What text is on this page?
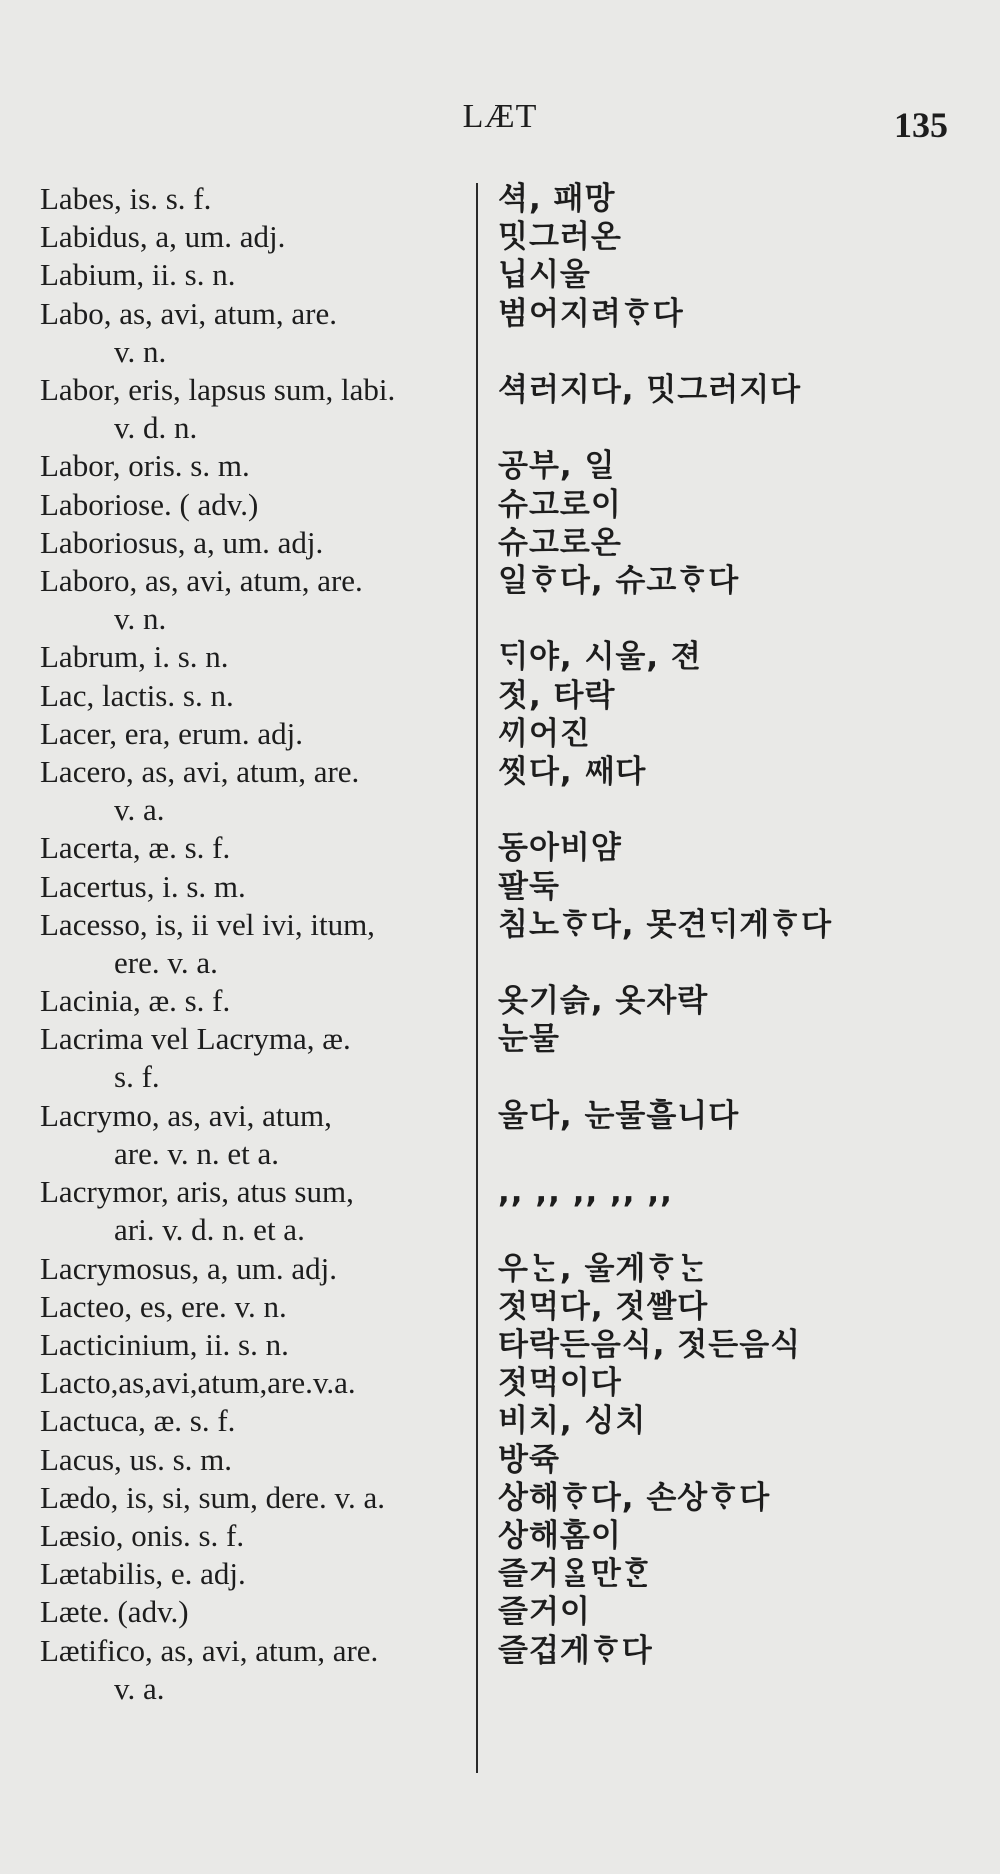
LÆT	135
Labes, is. s. f.
Labidus, a, um. adj.
Labium, ii. s. n.
Labo, as, avi, atum, are.
v. n.
Labor, eris, lapsus sum, labi.
v. d. n.
Labor, oris. s. m.
Laboriose. ( adv.)
Laboriosus, a, um. adj.
Laboro, as, avi, atum, are.
v. n.
Labrum, i. s. n.
Lac, lactis. s. n.
Lacer, era, erum. adj.
Lacero, as, avi, atum, are.
v. a.
Lacerta, æ. s. f.
Lacertus, i. s. m.
Lacesso, is, ii vel ivi, itum,
ere. v. a.
Lacinia, æ. s. f.
Lacrima vel Lacryma, æ.
s. f.
Lacrymo, as, avi, atum,
are. v. n. et a.
Lacrymor, aris, atus sum,
ari. v. d. n. et a.
Lacrymosus, a, um. adj.
Lacteo, es, ere. v. n.
Lacticinium, ii. s. n.
Lacto,as,avi,atum,are.v.a.
Lactuca, æ. s. f.
Lacus, us. s. m.
Lædo, is, si, sum, dere. v. a.
Læsio, onis. s. f.
Lætabilis, e. adj.
Læte. (adv.)
Lætifico, as, avi, atum, are.
v. a.
셕, 패망
밋그러온
닙시울
범어지려ᄒᆞ다
셕러지다, 밋그러지다
공부, 일
슈고로이
슈고로온
일ᄒᆞ다, 슈고ᄒᆞ다
ᄃᆡ야, 시울, 젼
젓, 타락
ᄭᅵ어진
ᄶᅵᆺ다, ᄶᅢ다
동아비얌
팔둑
침노ᄒᆞ다, 못견ᄃᆡ게ᄒᆞ다
옷기슭, 옷자락
눈물
울다, 눈물흘니다
,, ,, ,, ,, ,,
우ᄂᆞᆫ, 울게ᄒᆞᄂᆞᆫ
젓먹다, 젓ᄲᅡᆯ다
타락든음식, 젓든음식
젓먹이다
비치, 싱치
방쥭
상해ᄒᆞ다, 손상ᄒᆞ다
상해홈이
즐거ᄋᆞᆯ만ᄒᆞᆫ
즐거이
즐겁게ᄒᆞ다
